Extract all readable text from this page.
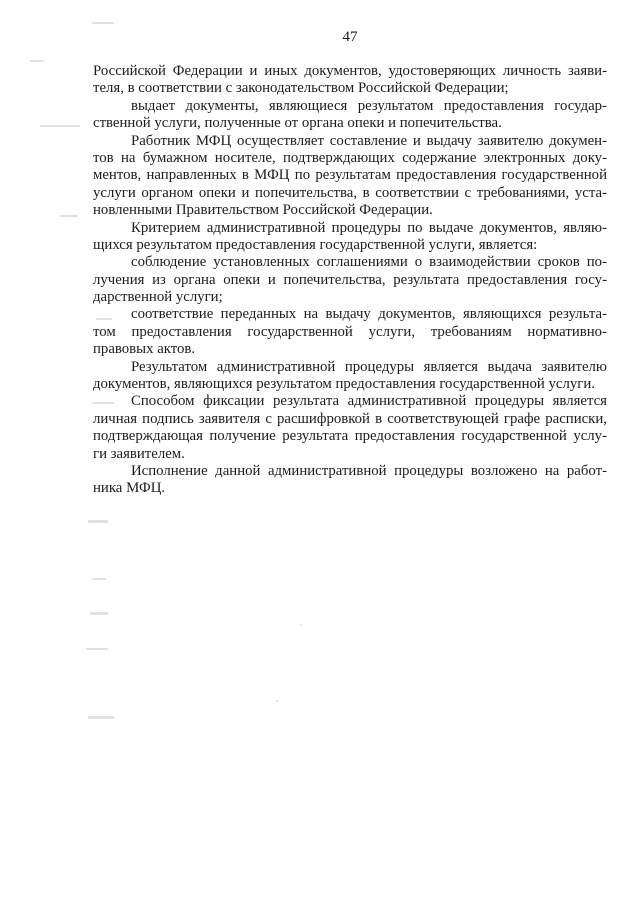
47
Российской Федерации и иных документов, удостоверяющих личность заяви-
теля, в соответствии с законодательством Российской Федерации;
выдает документы, являющиеся результатом предоставления государ-
ственной услуги, полученные от органа опеки и попечительства.
Работник МФЦ осуществляет составление и выдачу заявителю докумен-
тов на бумажном носителе, подтверждающих содержание электронных доку-
ментов, направленных в МФЦ по результатам предоставления государственной
услуги органом опеки и попечительства, в соответствии с требованиями, уста-
новленными Правительством Российской Федерации.
Критерием административной процедуры по выдаче документов, являю-
щихся результатом предоставления государственной услуги, является:
соблюдение установленных соглашениями о взаимодействии сроков по-
лучения из органа опеки и попечительства, результата предоставления госу-
дарственной услуги;
соответствие переданных на выдачу документов, являющихся результа-
том предоставления государственной услуги, требованиям нормативно-
правовых актов.
Результатом административной процедуры является выдача заявителю
документов, являющихся результатом предоставления государственной услуги.
Способом фиксации результата административной процедуры является
личная подпись заявителя с расшифровкой в соответствующей графе расписки,
подтверждающая получение результата предоставления государственной услу-
ги заявителем.
Исполнение данной административной процедуры возложено на работ-
ника МФЦ.
